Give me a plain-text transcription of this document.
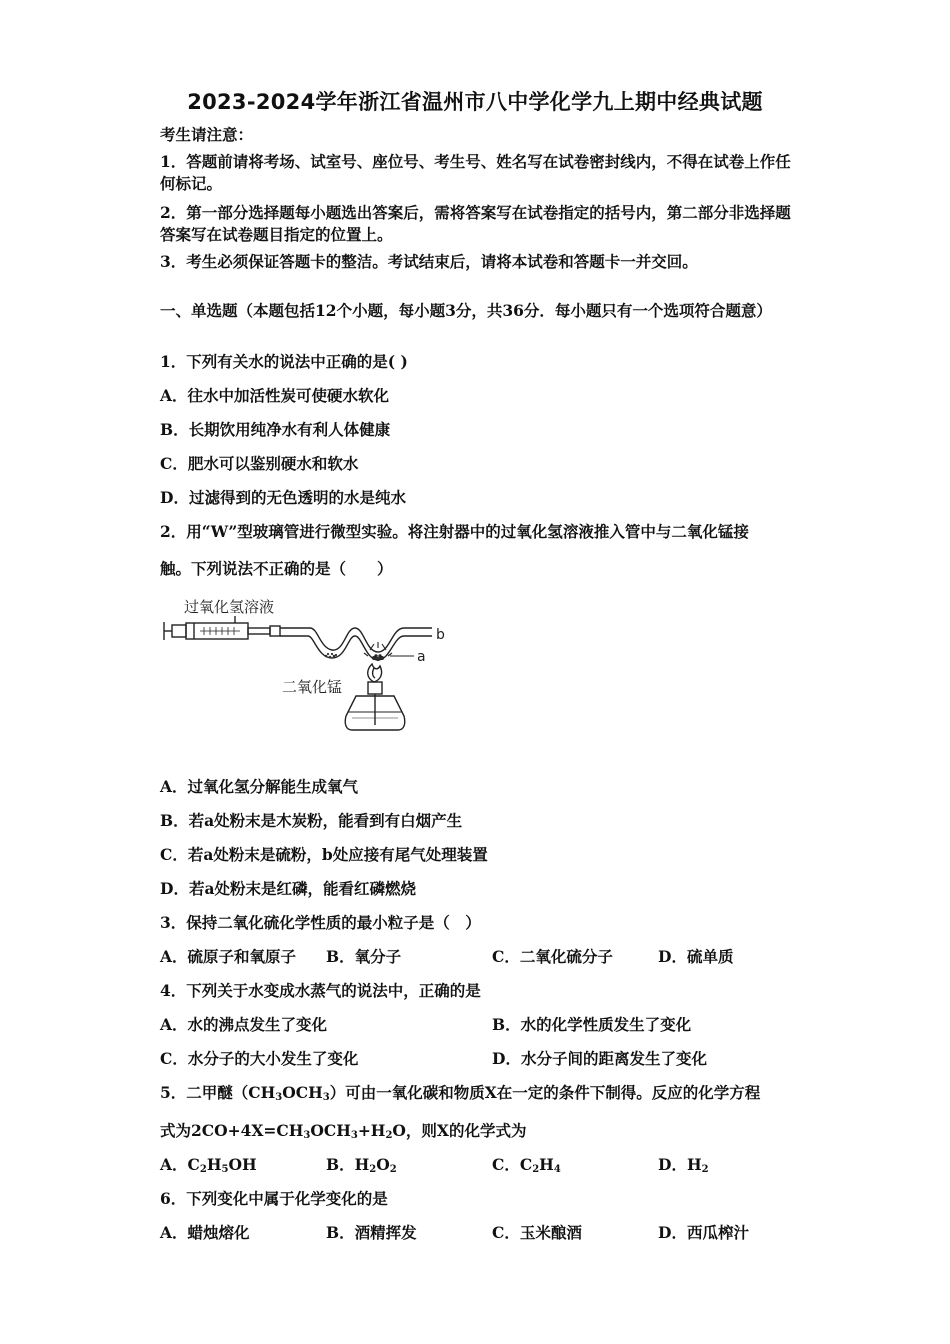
2023-2024学年浙江省温州市八中学化学九上期中经典试题
考生请注意：
1．答题前请将考场、试室号、座位号、考生号、姓名写在试卷密封线内，不得在试卷上作任何标记。
2．第一部分选择题每小题选出答案后，需将答案写在试卷指定的括号内，第二部分非选择题答案写在试卷题目指定的位置上。
3．考生必须保证答题卡的整洁。考试结束后，请将本试卷和答题卡一并交回。
一、单选题（本题包括12个小题，每小题3分，共36分．每小题只有一个选项符合题意）
1．下列有关水的说法中正确的是( )
A．往水中加活性炭可使硬水软化
B．长期饮用纯净水有利人体健康
C．肥水可以鉴别硬水和软水
D．过滤得到的无色透明的水是纯水
2．用“W”型玻璃管进行微型实验。将注射器中的过氧化氢溶液推入管中与二氧化锰接
触。下列说法不正确的是（　　）
过氧化氢溶液
b
a
二氧化锰
A．过氧化氢分解能生成氧气
B．若a处粉末是木炭粉，能看到有白烟产生
C．若a处粉末是硫粉，b处应接有尾气处理装置
D．若a处粉末是红磷，能看红磷燃烧
3．保持二氧化硫化学性质的最小粒子是（　）
A．硫原子和氧原子 B．氧分子	C．二氧化硫分子	D．硫单质
4．下列关于水变成水蒸气的说法中，正确的是
A．水的沸点发生了变化	B．水的化学性质发生了变化
C．水分子的大小发生了变化	D．水分子间的距离发生了变化
5．二甲醚$(CH_3OCH_3)$可由一氧化碳和物质X在一定的条件下制得。反应的化学方程
式为$2CO+4X=CH_3OCH_3+H_2O$，则X的化学式为
A．$C_2H_5OH$	B．$H_2O_2$	C．$C_2H_4$	D．$H_2$
6．下列变化中属于化学变化的是
A．蜡烛熔化	B．酒精挥发	C．玉米酿酒	D．西瓜榨汁
